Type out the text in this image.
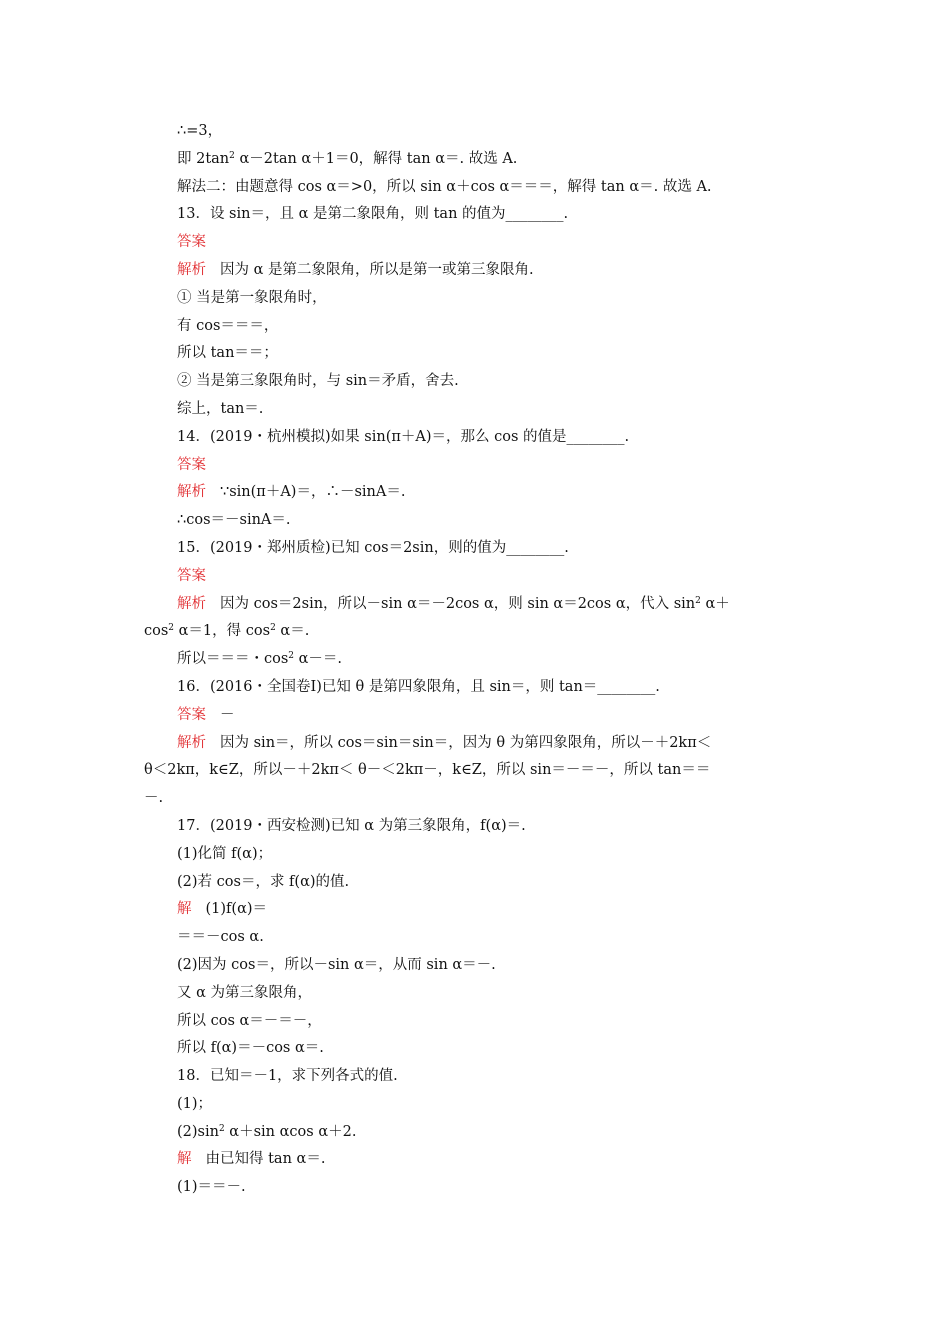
∴=3，
即 $2\tan^2$ α－2tan α＋1＝0，解得 tan α＝. 故选 A.
解法二：由题意得 cos α＝>0，所以 sin α＋cos α＝＝＝，解得 tan α＝. 故选 A.
13．设 sin＝，且 α 是第二象限角，则 tan 的值为________.
答案
解析 因为 α 是第二象限角，所以是第一或第三象限角.
① 当是第一象限角时，
有 cos＝＝＝，
所以 tan＝＝；
② 当是第三象限角时，与 sin＝矛盾，舍去.
综上，tan＝.
14．(2019・杭州模拟)如果 sin(π＋A)＝，那么 cos 的值是________.
答案
解析 ∵sin(π＋A)＝，∴－sinA＝.
∴cos＝－sinA＝.
15．(2019・郑州质检)已知 cos＝2sin，则的值为________.
答案
解析 因为 cos＝2sin，所以－sin α＝－2cos α，则 sin α＝2cos α，代入 $\sin^2 \alpha+$
$\cos^2 \alpha=1$，得 $\cos^2 \alpha=$.
所以＝＝＝・$\cos^2 \alpha-=$.
16．(2016・全国卷Ⅰ)已知 θ 是第四象限角，且 sin＝，则 tan＝________.
答案 －
解析 因为 sin＝，所以 cos＝sin＝sin＝，因为 θ 为第四象限角，所以－＋2kπ＜
θ＜2kπ，k∈Z，所以－＋2kπ＜ θ－＜2kπ－，k∈Z，所以 sin＝－＝－，所以 tan＝＝
－.
17．(2019・西安检测)已知 α 为第三象限角，f(α)＝.
(1)化简 f(α)；
(2)若 cos＝，求 f(α)的值.
解 (1)f(α)＝
＝＝－cos α.
(2)因为 cos＝，所以－sin α＝，从而 sin α＝－.
又 α 为第三象限角，
所以 cos α＝－＝－，
所以 f(α)＝－cos α＝.
18．已知＝－1，求下列各式的值.
(1)；
$(2)\sin^2$ α＋sin αcos α＋2.
解 由已知得 tan α＝.
(1)＝＝－.
